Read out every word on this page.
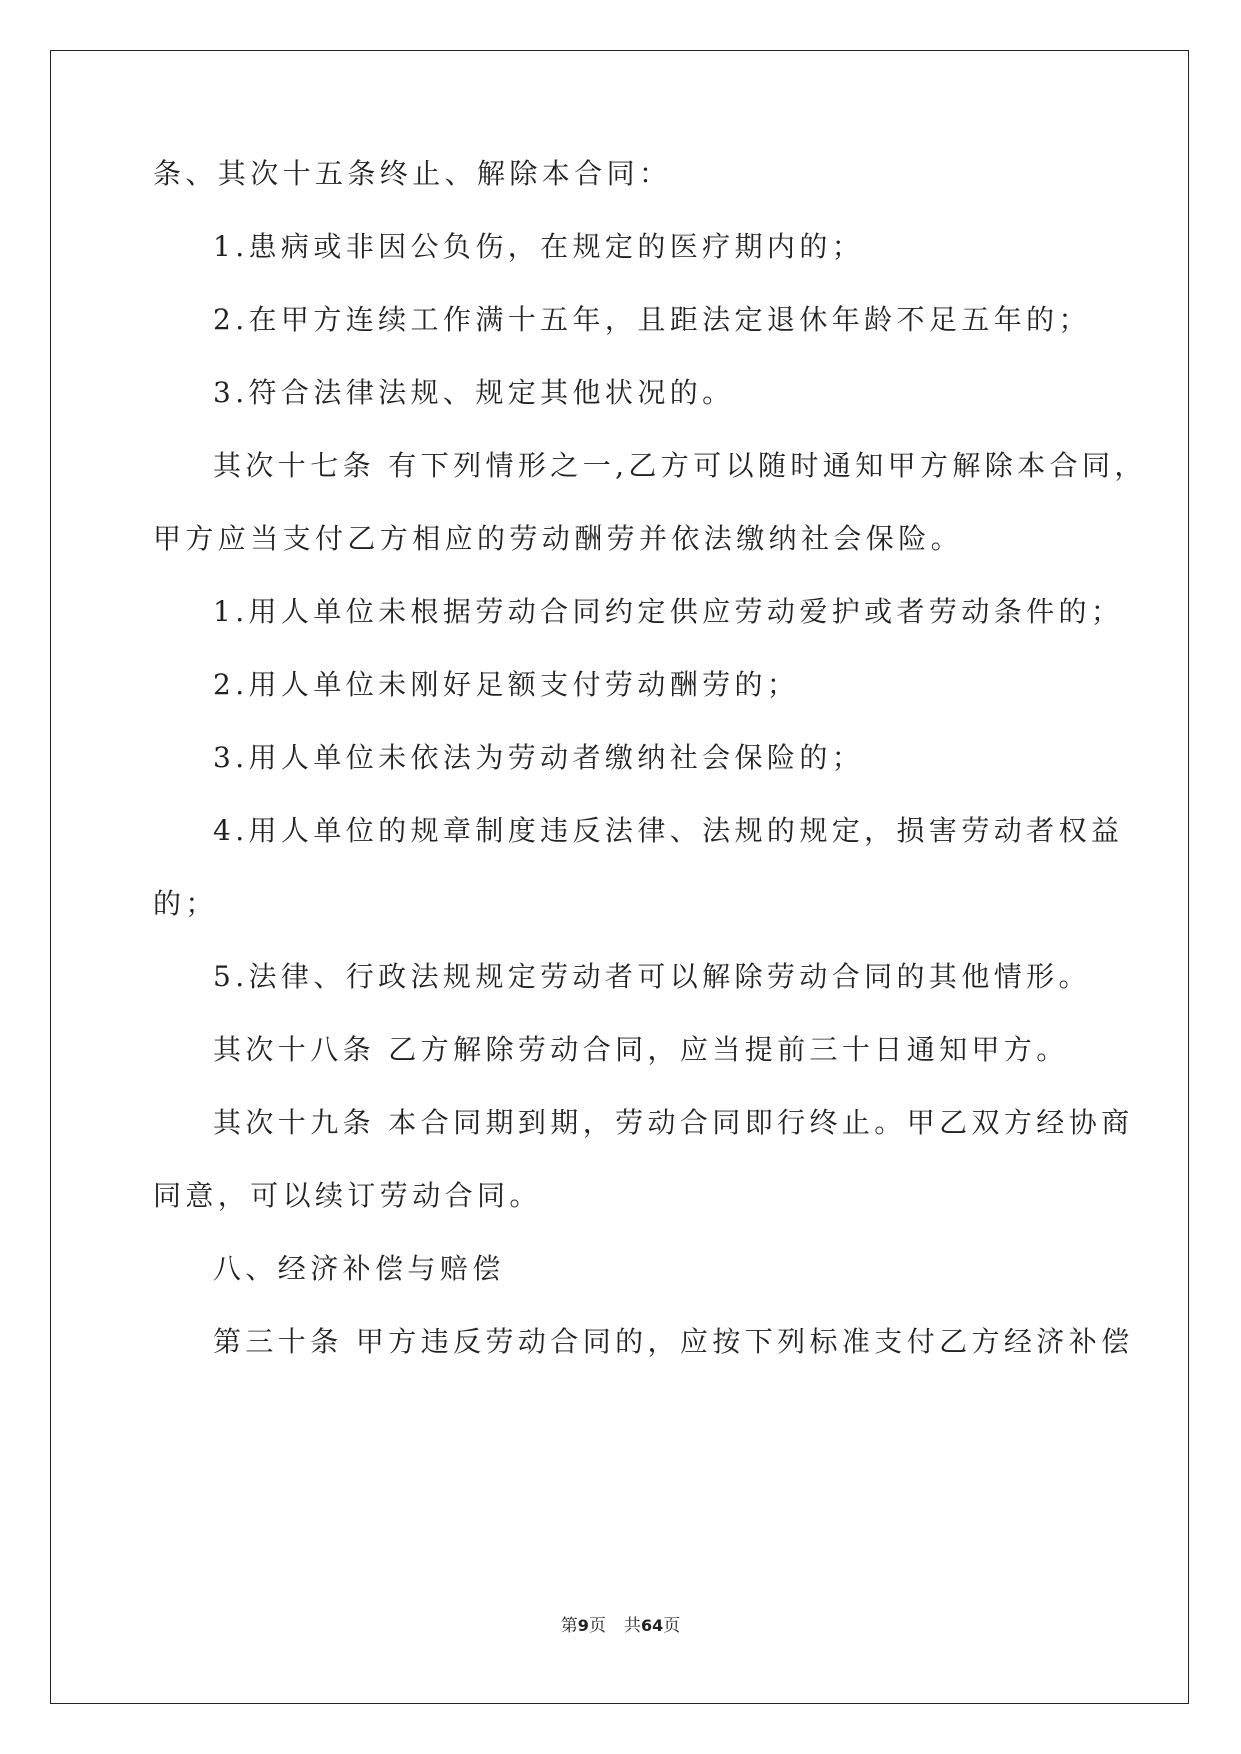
条、其次十五条终止、解除本合同：

1.患病或非因公负伤，在规定的医疗期内的；

2.在甲方连续工作满十五年，且距法定退休年龄不足五年的；

3.符合法律法规、规定其他状况的。

其次十七条 有下列情形之一,乙方可以随时通知甲方解除本合同，

甲方应当支付乙方相应的劳动酬劳并依法缴纳社会保险。

1.用人单位未根据劳动合同约定供应劳动爱护或者劳动条件的；

2.用人单位未刚好足额支付劳动酬劳的；

3.用人单位未依法为劳动者缴纳社会保险的；

4.用人单位的规章制度违反法律、法规的规定，损害劳动者权益

的；

5.法律、行政法规规定劳动者可以解除劳动合同的其他情形。

其次十八条 乙方解除劳动合同，应当提前三十日通知甲方。

其次十九条 本合同期到期，劳动合同即行终止。甲乙双方经协商

同意，可以续订劳动合同。

八、经济补偿与赔偿

第三十条 甲方违反劳动合同的，应按下列标准支付乙方经济补偿

第9页 共64页
